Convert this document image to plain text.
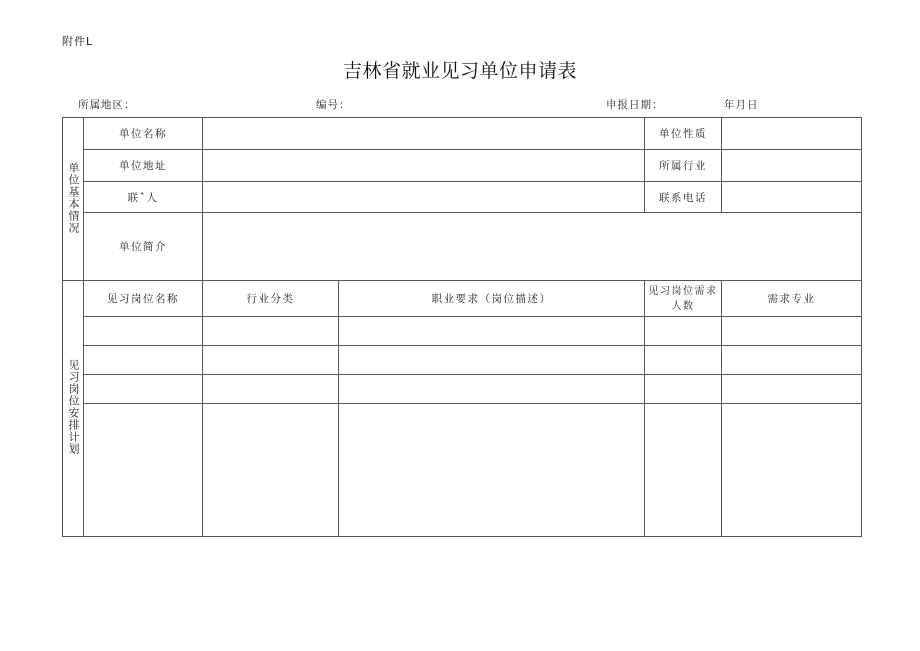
附件L
吉林省就业见习单位申请表
所属地区：	编号：	申报日期：	年月日
单位基本情况	单位名称			单位性质	
	单位地址			所属行业	
	联ˆ人			联系电话	
	单位简介				
见习岗位安排计划	见习岗位名称	行业分类	职业要求（岗位描述）	见习岗位需求
人数	需求专业
